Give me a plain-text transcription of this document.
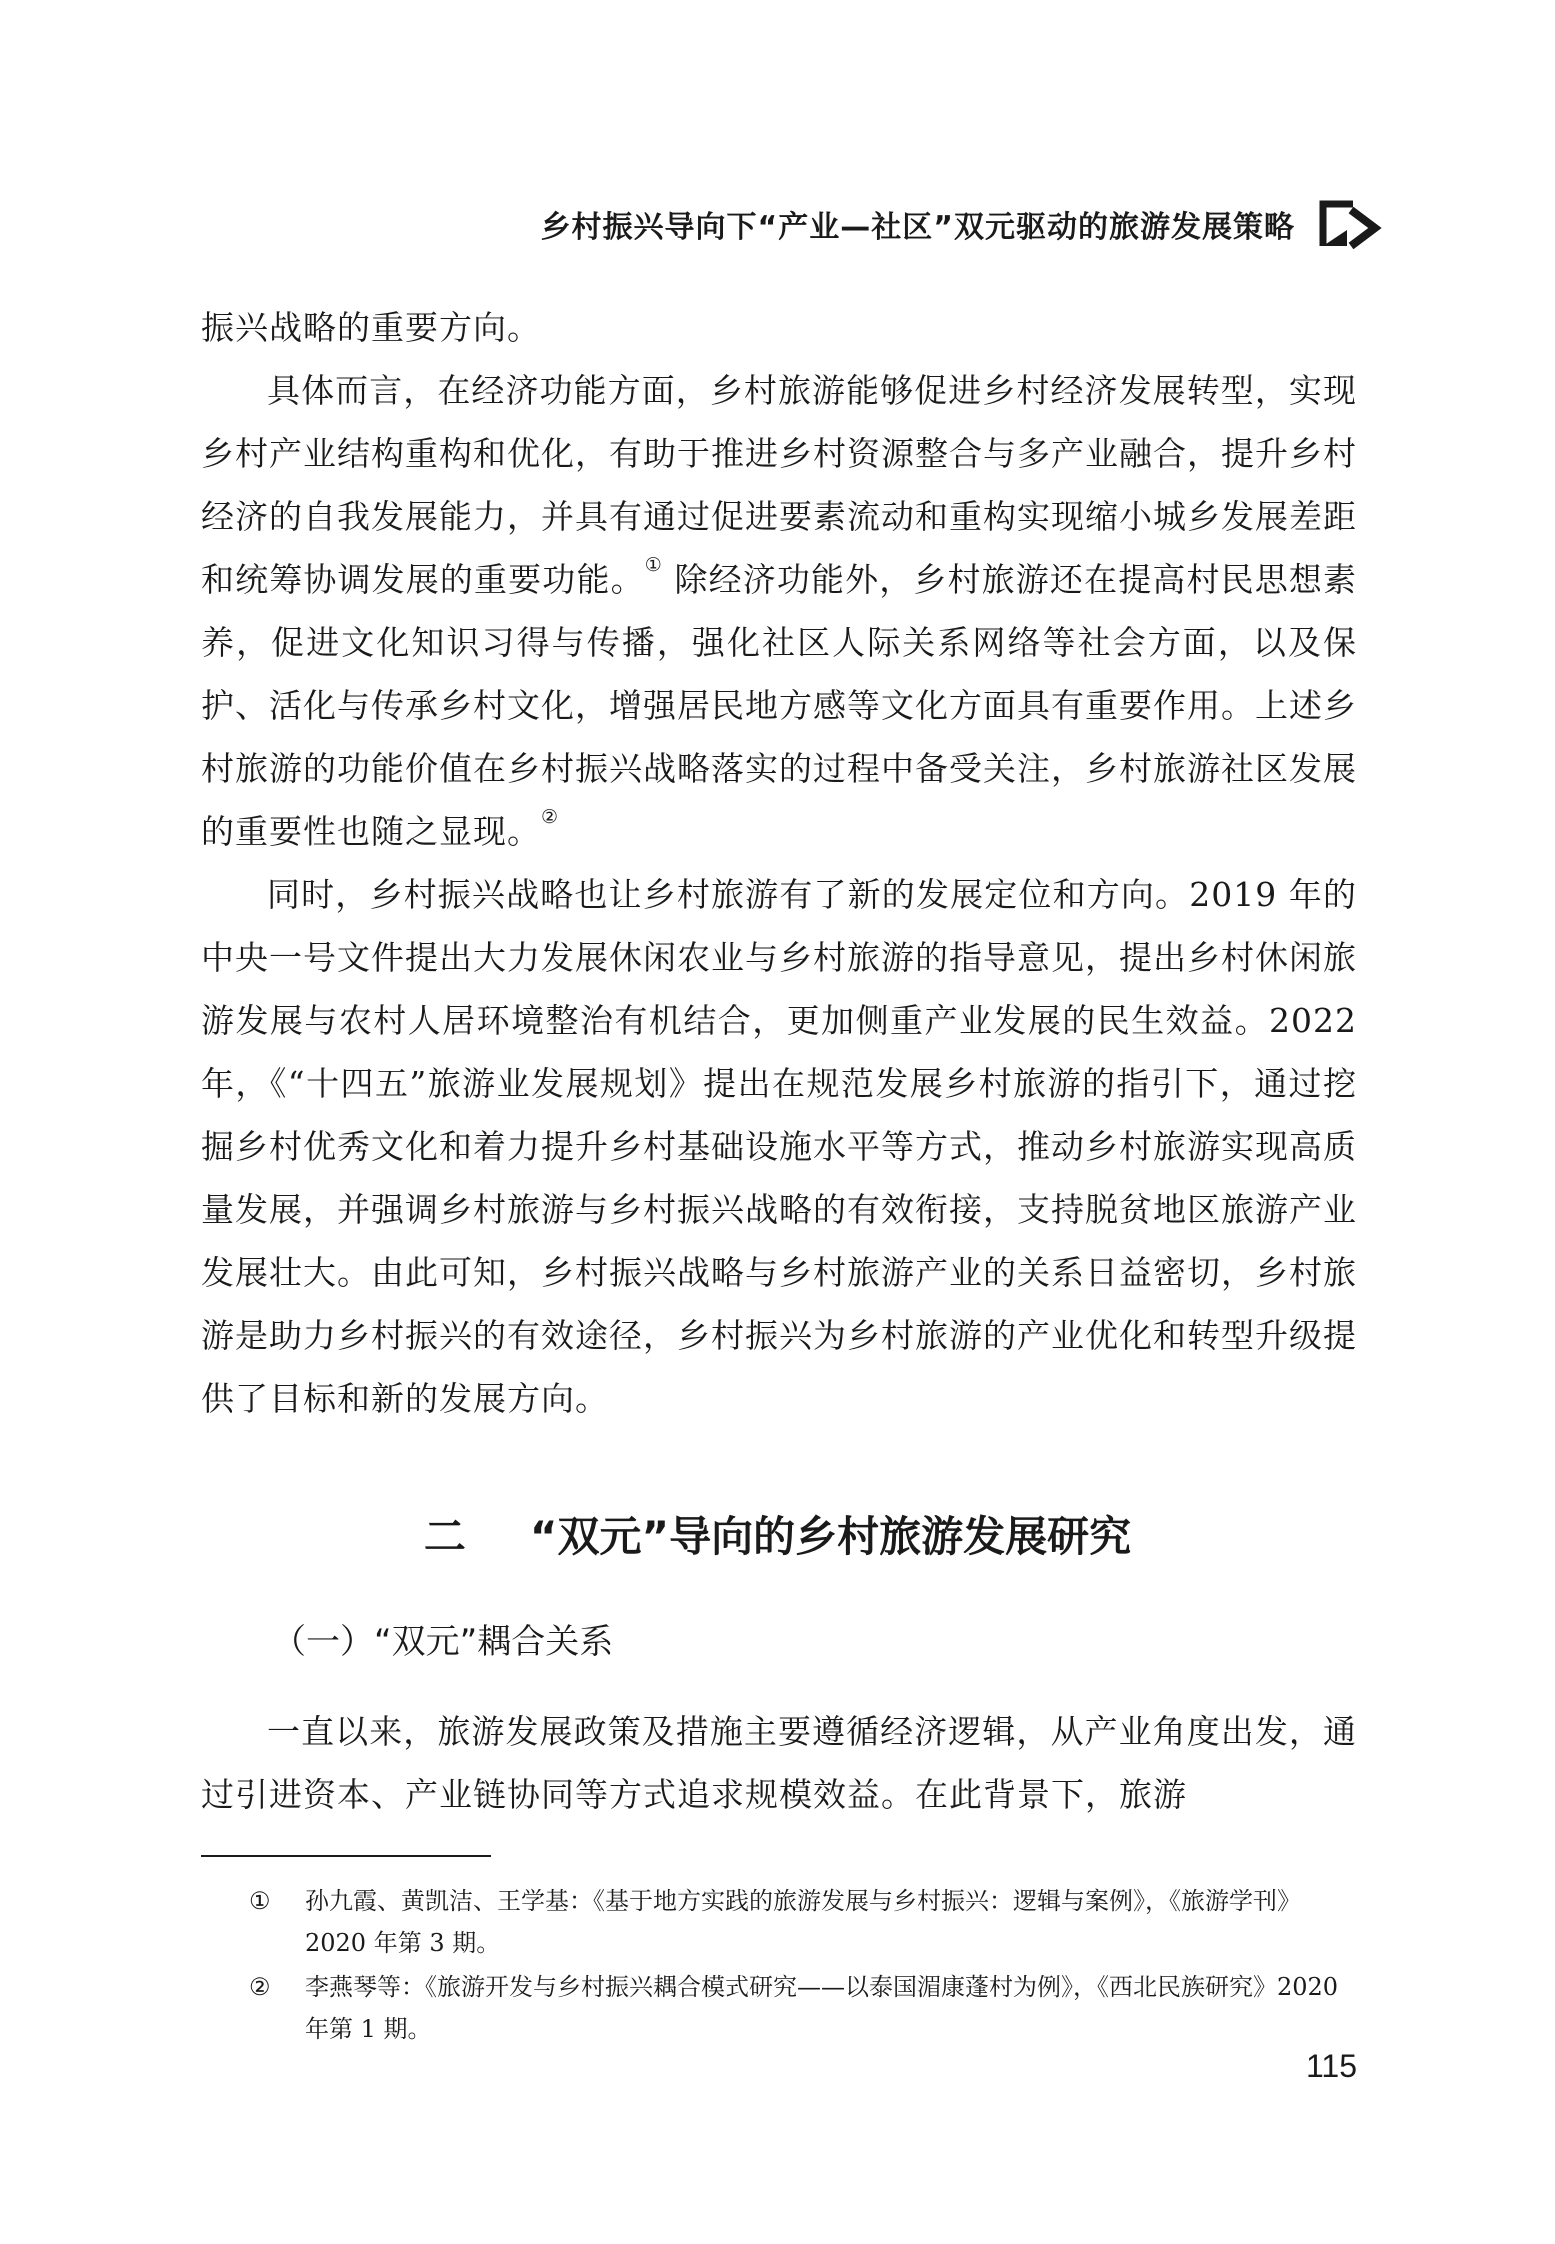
乡村振兴导向下“产业—社区”双元驱动的旅游发展策略

振兴战略的重要方向。

具体而言，在经济功能方面，乡村旅游能够促进乡村经济发展转型，实现乡村产业结构重构和优化，有助于推进乡村资源整合与多产业融合，提升乡村经济的自我发展能力，并具有通过促进要素流动和重构实现缩小城乡发展差距和统筹协调发展的重要功能。① 除经济功能外，乡村旅游还在提高村民思想素养，促进文化知识习得与传播，强化社区人际关系网络等社会方面，以及保护、活化与传承乡村文化，增强居民地方感等文化方面具有重要作用。上述乡村旅游的功能价值在乡村振兴战略落实的过程中备受关注，乡村旅游社区发展的重要性也随之显现。②

同时，乡村振兴战略也让乡村旅游有了新的发展定位和方向。2019 年的中央一号文件提出大力发展休闲农业与乡村旅游的指导意见，提出乡村休闲旅游发展与农村人居环境整治有机结合，更加侧重产业发展的民生效益。2022 年，《“十四五”旅游业发展规划》提出在规范发展乡村旅游的指引下，通过挖掘乡村优秀文化和着力提升乡村基础设施水平等方式，推动乡村旅游实现高质量发展，并强调乡村旅游与乡村振兴战略的有效衔接，支持脱贫地区旅游产业发展壮大。由此可知，乡村振兴战略与乡村旅游产业的关系日益密切，乡村旅游是助力乡村振兴的有效途径，乡村振兴为乡村旅游的产业优化和转型升级提供了目标和新的发展方向。

二 “双元”导向的乡村旅游发展研究
（一）“双元”耦合关系

一直以来，旅游发展政策及措施主要遵循经济逻辑，从产业角度出发，通过引进资本、产业链协同等方式追求规模效益。在此背景下，旅游

①	孙九霞、黄凯洁、王学基：《基于地方实践的旅游发展与乡村振兴：逻辑与案例》，《旅游学刊》2020 年第 3 期。
②	李燕琴等：《旅游开发与乡村振兴耦合模式研究——以泰国湄康蓬村为例》，《西北民族研究》2020 年第 1 期。
115
